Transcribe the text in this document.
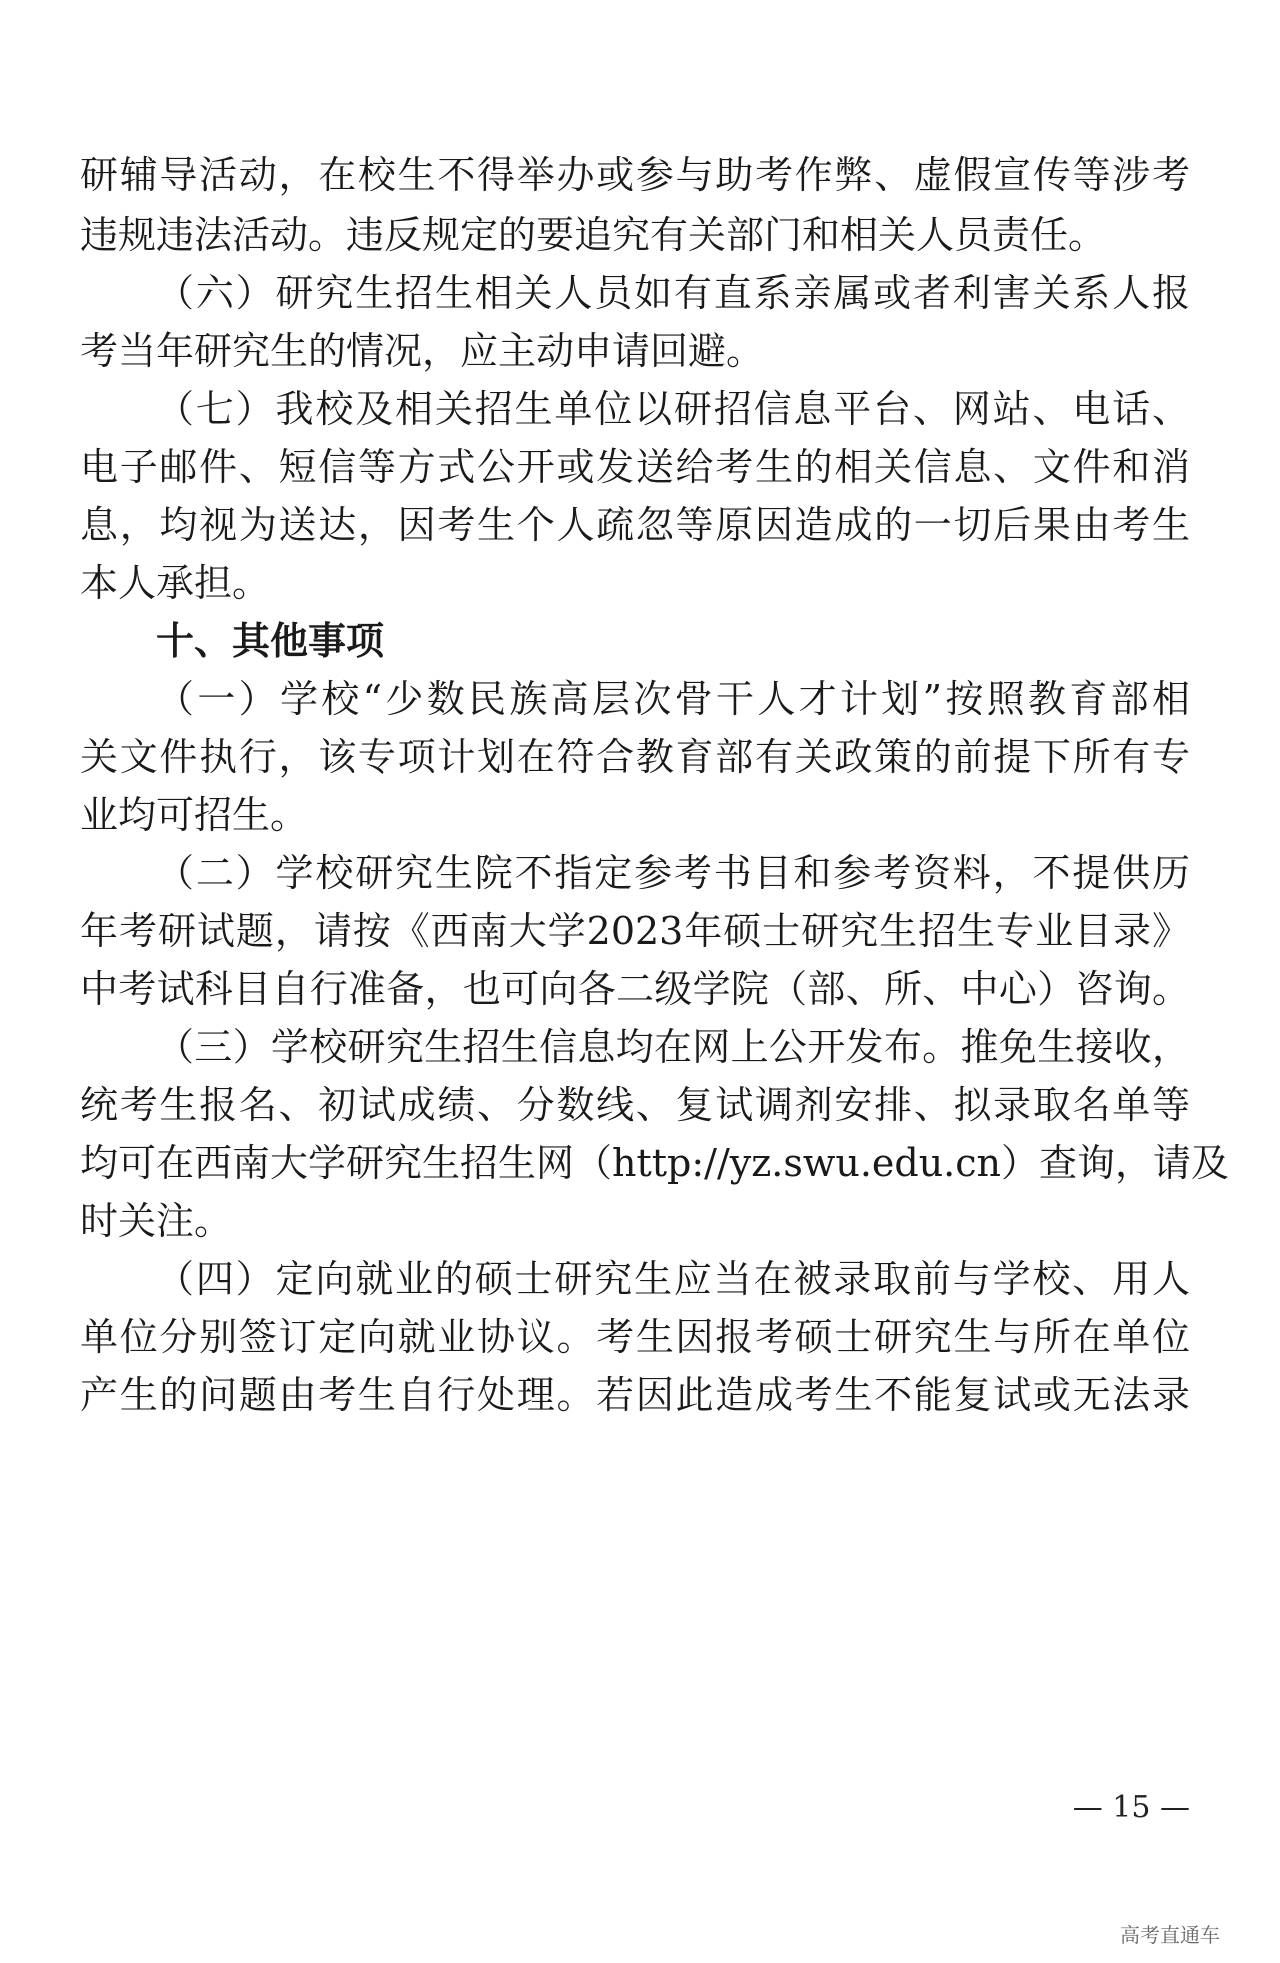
研辅导活动，在校生不得举办或参与助考作弊、虚假宣传等涉考
违规违法活动。违反规定的要追究有关部门和相关人员责任。
（六）研究生招生相关人员如有直系亲属或者利害关系人报
考当年研究生的情况，应主动申请回避。
（七）我校及相关招生单位以研招信息平台、网站、电话、
电子邮件、短信等方式公开或发送给考生的相关信息、文件和消
息，均视为送达，因考生个人疏忽等原因造成的一切后果由考生
本人承担。
十、其他事项
（一）学校“少数民族高层次骨干人才计划”按照教育部相
关文件执行，该专项计划在符合教育部有关政策的前提下所有专
业均可招生。
（二）学校研究生院不指定参考书目和参考资料，不提供历
年考研试题，请按《西南大学2023年硕士研究生招生专业目录》
中考试科目自行准备，也可向各二级学院（部、所、中心）咨询。
（三）学校研究生招生信息均在网上公开发布。推免生接收，
统考生报名、初试成绩、分数线、复试调剂安排、拟录取名单等
均可在西南大学研究生招生网（http://yz.swu.edu.cn）查询，请及
时关注。
（四）定向就业的硕士研究生应当在被录取前与学校、用人
单位分别签订定向就业协议。考生因报考硕士研究生与所在单位
产生的问题由考生自行处理。若因此造成考生不能复试或无法录
— 15 —
高考直通车
